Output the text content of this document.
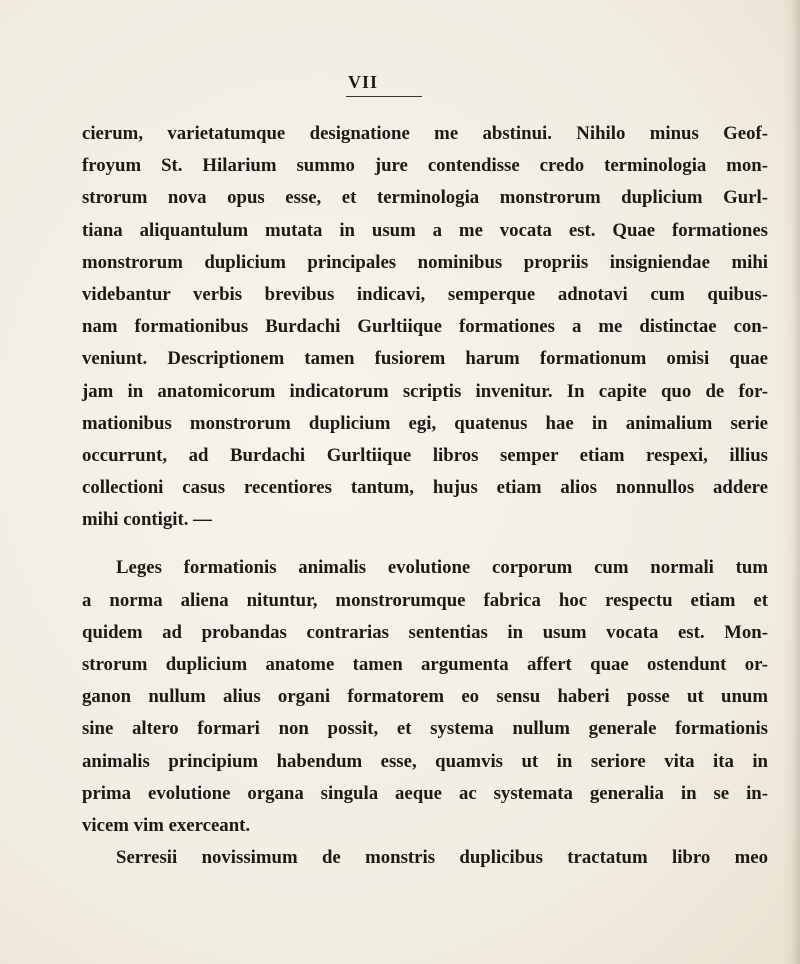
VII
cierum, varietatumque designatione me abstinui. Nihilo minus Geof-
froyum St. Hilarium summo jure contendisse credo terminologia mon-
strorum nova opus esse, et terminologia monstrorum duplicium Gurl-
tiana aliquantulum mutata in usum a me vocata est. Quae formationes
monstrorum duplicium principales nominibus propriis insigniendae mihi
videbantur verbis brevibus indicavi, semperque adnotavi cum quibus-
nam formationibus Burdachi Gurltiique formationes a me distinctae con-
veniunt. Descriptionem tamen fusiorem harum formationum omisi quae
jam in anatomicorum indicatorum scriptis invenitur. In capite quo de for-
mationibus monstrorum duplicium egi, quatenus hae in animalium serie
occurrunt, ad Burdachi Gurltiique libros semper etiam respexi, illius
collectioni casus recentiores tantum, hujus etiam alios nonnullos addere
mihi contigit. —
Leges formationis animalis evolutione corporum cum normali tum
a norma aliena nituntur, monstrorumque fabrica hoc respectu etiam et
quidem ad probandas contrarias sententias in usum vocata est. Mon-
strorum duplicium anatome tamen argumenta affert quae ostendunt or-
ganon nullum alius organi formatorem eo sensu haberi posse ut unum
sine altero formari non possit, et systema nullum generale formationis
animalis principium habendum esse, quamvis ut in seriore vita ita in
prima evolutione organa singula aeque ac systemata generalia in se in-
vicem vim exerceant.
Serresii novissimum de monstris duplicibus tractatum libro meo
